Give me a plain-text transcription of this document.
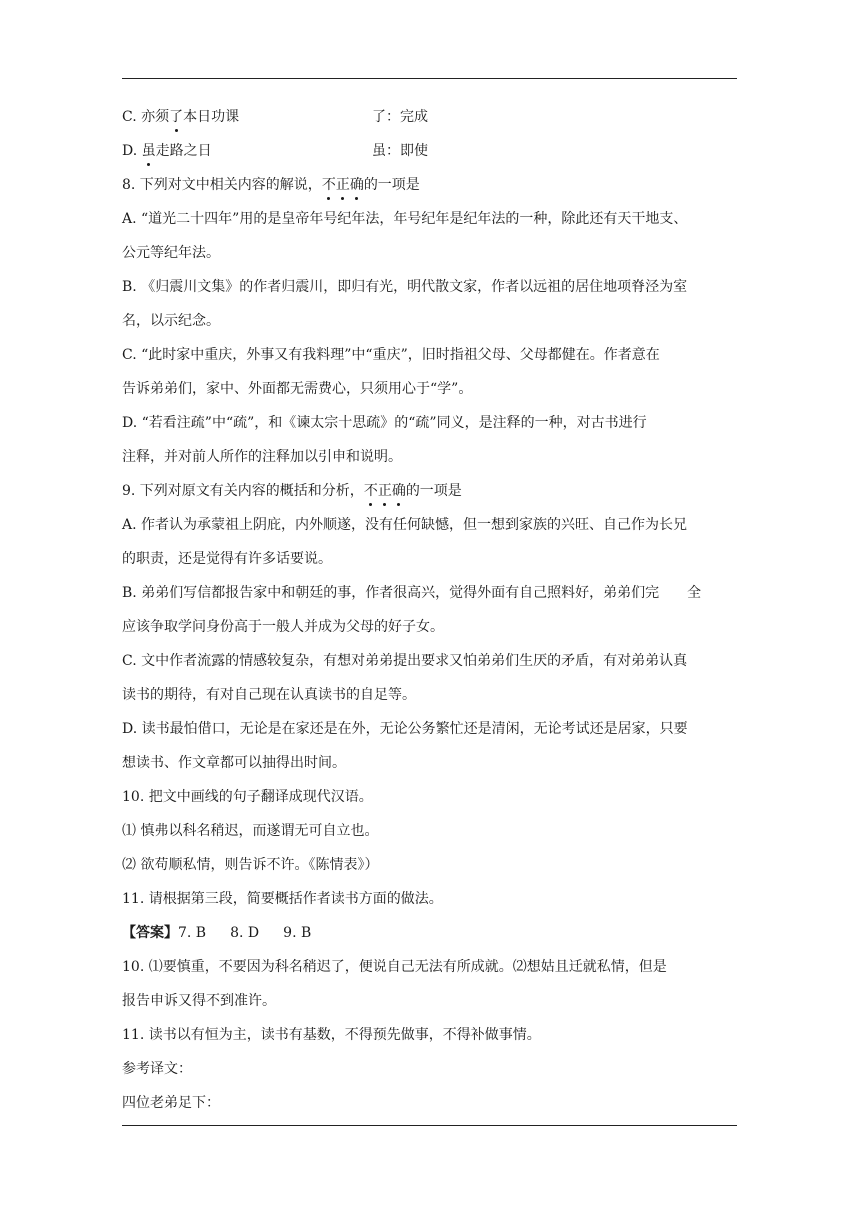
C. 亦须了本日功课	了：完成
D. 虽走路之日	虽：即使
8. 下列对文中相关内容的解说，不正确的一项是
A. “道光二十四年”用的是皇帝年号纪年法，年号纪年是纪年法的一种，除此还有天干地支、
公元等纪年法。
B. 《归震川文集》的作者归震川，即归有光，明代散文家，作者以远祖的居住地项脊泾为室
名，以示纪念。
C. “此时家中重庆，外事又有我料理”中“重庆”，旧时指祖父母、父母都健在。作者意在
告诉弟弟们，家中、外面都无需费心，只须用心于“学”。
D. “若看注疏”中“疏”，和《谏太宗十思疏》的“疏”同义，是注释的一种，对古书进行
注释，并对前人所作的注释加以引申和说明。
9. 下列对原文有关内容的概括和分析，不正确的一项是
A. 作者认为承蒙祖上阴庇，内外顺遂，没有任何缺憾，但一想到家族的兴旺、自己作为长兄
的职责，还是觉得有许多话要说。
B. 弟弟们写信都报告家中和朝廷的事，作者很高兴，觉得外面有自己照料好，弟弟们完　　全
应该争取学问身份高于一般人并成为父母的好子女。
C. 文中作者流露的情感较复杂，有想对弟弟提出要求又怕弟弟们生厌的矛盾，有对弟弟认真
读书的期待，有对自己现在认真读书的自足等。
D. 读书最怕借口，无论是在家还是在外，无论公务繁忙还是清闲，无论考试还是居家，只要
想读书、作文章都可以抽得出时间。
10. 把文中画线的句子翻译成现代汉语。
⑴ 慎弗以科名稍迟，而遂谓无可自立也。
⑵ 欲苟顺私情，则告诉不许。《陈情表》）
11. 请根据第三段，简要概括作者读书方面的做法。
【答案】7. B 8. D 9. B
10. ⑴要慎重，不要因为科名稍迟了，便说自己无法有所成就。⑵想姑且迁就私情，但是
报告申诉又得不到准许。
11. 读书以有恒为主，读书有基数，不得预先做事，不得补做事情。
参考译文：
四位老弟足下：
